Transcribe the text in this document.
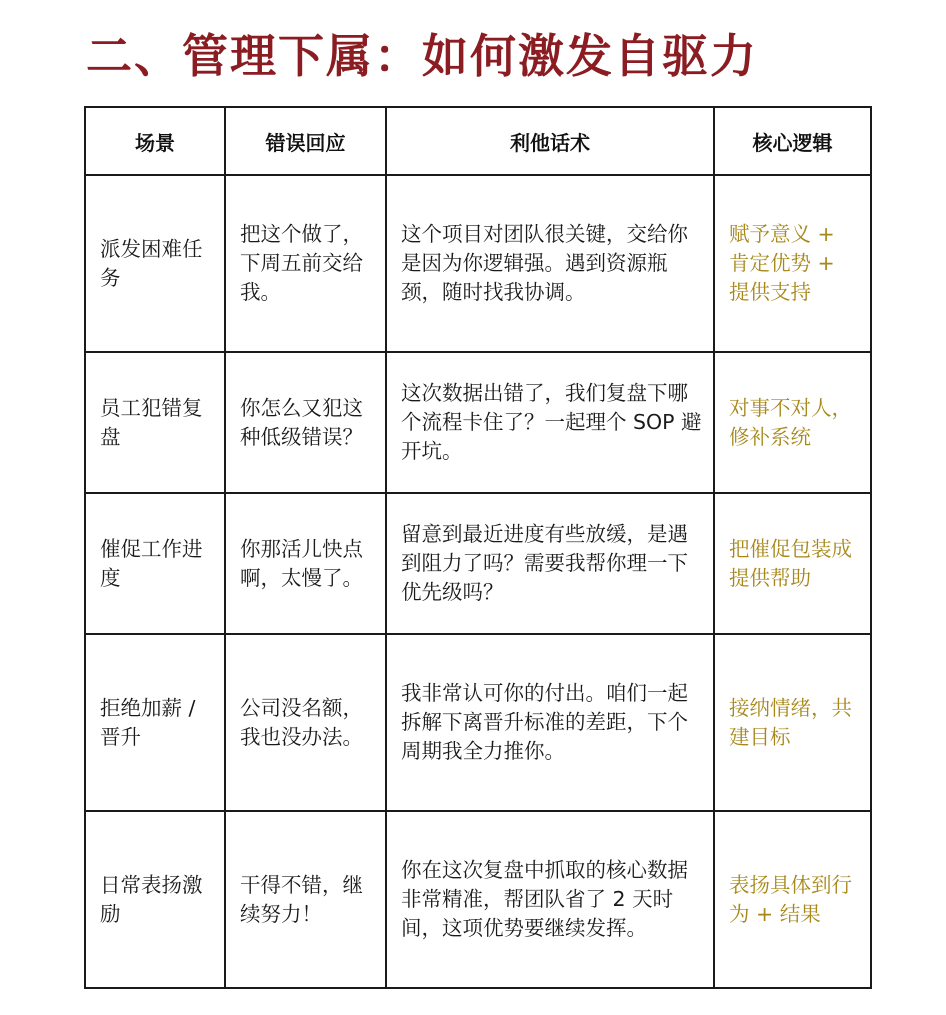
二、管理下属：如何激发自驱力
场景	错误回应	利他话术	核心逻辑
派发困难任务	把这个做了，下周五前交给我。	这个项目对团队很关键，交给你是因为你逻辑强。遇到资源瓶颈，随时找我协调。	赋予意义 + 肯定优势 + 提供支持
员工犯错复盘	你怎么又犯这种低级错误？	这次数据出错了，我们复盘下哪个流程卡住了？一起理个 SOP 避开坑。	对事不对人，修补系统
催促工作进度	你那活儿快点啊，太慢了。	留意到最近进度有些放缓，是遇到阻力了吗？需要我帮你理一下优先级吗？	把催促包装成提供帮助
拒绝加薪 / 晋升	公司没名额，我也没办法。	我非常认可你的付出。咱们一起拆解下离晋升标准的差距，下个周期我全力推你。	接纳情绪，共建目标
日常表扬激励	干得不错，继续努力！	你在这次复盘中抓取的核心数据非常精准，帮团队省了 2 天时间，这项优势要继续发挥。	表扬具体到行为 + 结果
